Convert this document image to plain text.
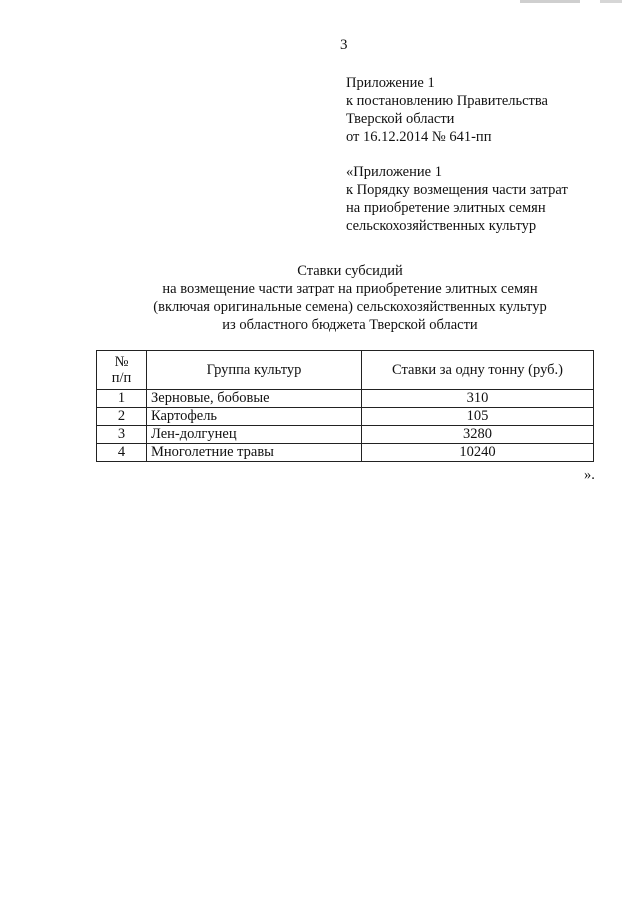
3
Приложение 1
к постановлению Правительства
Тверской области
от 16.12.2014 № 641-пп
«Приложение 1
к Порядку возмещения части затрат
на приобретение элитных семян
сельскохозяйственных культур
Ставки субсидий
на возмещение части затрат на приобретение элитных семян
(включая оригинальные семена) сельскохозяйственных культур
из областного бюджета Тверской области
№
п/п	Группа культур	Ставки за одну тонну (руб.)
1	Зерновые, бобовые	310
2	Картофель	105
3	Лен-долгунец	3280
4	Многолетние травы	10240
».
